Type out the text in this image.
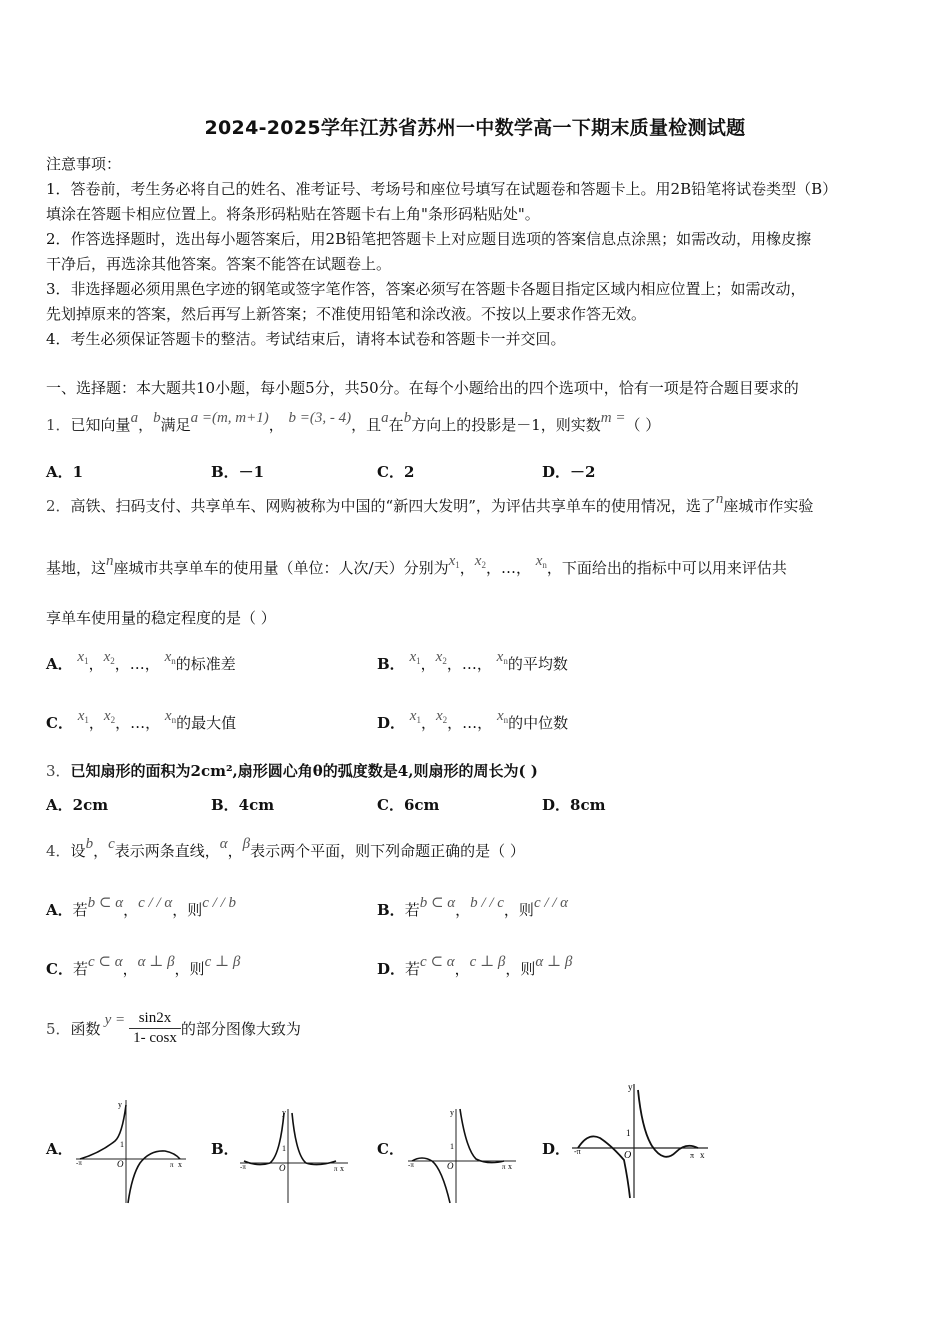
2024-2025学年江苏省苏州一中数学高一下期末质量检测试题
注意事项：
1．答卷前，考生务必将自己的姓名、准考证号、考场号和座位号填写在试题卷和答题卡上。用2B铅笔将试卷类型（B）
填涂在答题卡相应位置上。将条形码粘贴在答题卡右上角"条形码粘贴处"。
2．作答选择题时，选出每小题答案后，用2B铅笔把答题卡上对应题目选项的答案信息点涂黑；如需改动，用橡皮擦
干净后，再选涂其他答案。答案不能答在试题卷上。
3．非选择题必须用黑色字迹的钢笔或签字笔作答，答案必须写在答题卡各题目指定区域内相应位置上；如需改动，
先划掉原来的答案，然后再写上新答案；不准使用铅笔和涂改液。不按以上要求作答无效。
4．考生必须保证答题卡的整洁。考试结束后，请将本试卷和答题卡一并交回。
一、选择题：本大题共10小题，每小题5分，共50分。在每个小题给出的四个选项中，恰有一项是符合题目要求的
1．已知向量a，b满足a =(m, m+1)， b =(3, - 4)，且a在b方向上的投影是－1，则实数m =（ ）
A．1	B．－1	C．2	D．－2
2．高铁、扫码支付、共享单车、网购被称为中国的“新四大发明”，为评估共享单车的使用情况，选了n座城市作实验
基地，这n座城市共享单车的使用量（单位：人次/天）分别为$x_1$，$x_2$，…， $x_n$，下面给出的指标中可以用来评估共
享单车使用量的稳定程度的是（ ）
A． $x_1$，$x_2$，…， $x_n$的标准差	B． $x_1$，$x_2$，…， $x_n$的平均数
C． $x_1$，$x_2$，…， $x_n$的最大值	D． $x_1$，$x_2$，…， $x_n$的中位数
3．已知扇形的面积为2cm²,扇形圆心角θ的弧度数是4,则扇形的周长为( )
A．2cm	B．4cm	C．6cm	D．8cm
4．设b，c表示两条直线，α，β表示两个平面，则下列命题正确的是（ ）
A．若b ⊂ α，c / / α，则c / / b	B．若b ⊂ α，b / / c，则c / / α
C．若c ⊂ α，α ⊥ β，则c ⊥ β	D．若c ⊂ α，c ⊥ β，则α ⊥ β
5． 函数 $y = \frac{\sin 2x}{1- \cos x}$ 的部分图像大致为
A．	B．	C．	D．
y
x
O
1
-π	π
y
x
O
1
-π	π
y
x
O
1
-π	π
y
x
O
1
-π	π
